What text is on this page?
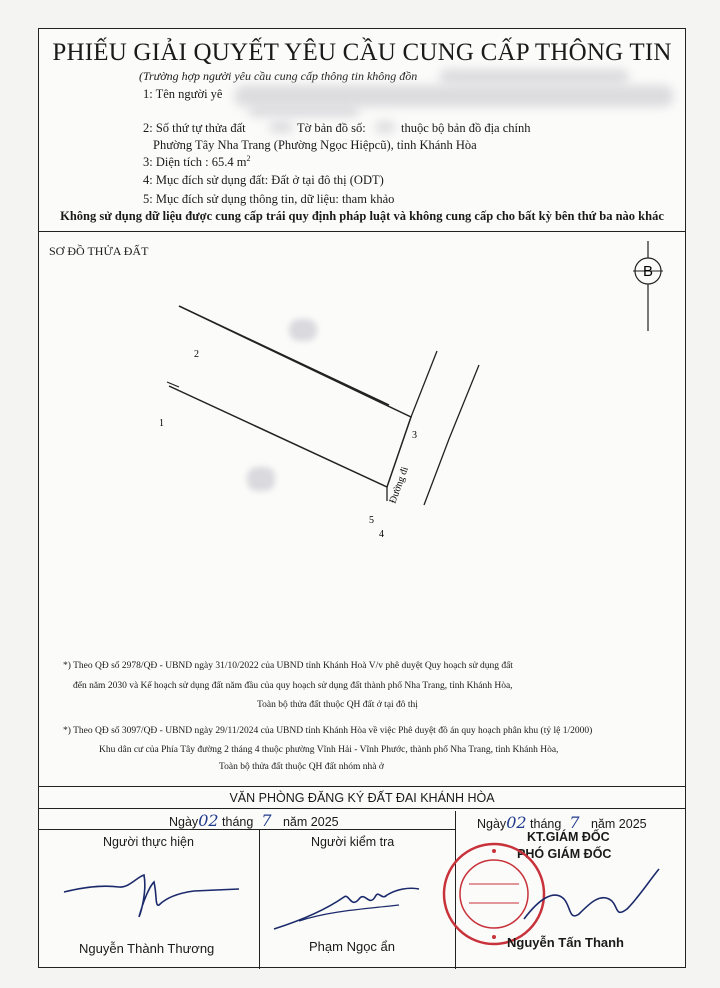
PHIẾU GIẢI QUYẾT YÊU CẦU CUNG CẤP THÔNG TIN
(Trường hợp người yêu cầu cung cấp thông tin không đồn
1: Tên người yê
2: Số thứ tự thửa đất	Tờ bản đồ số:	thuộc bộ bản đồ địa chính
Phường Tây Nha Trang (Phường Ngọc Hiệpcũ), tỉnh Khánh Hòa
3: Diện tích : 65.4 $m^2$
4: Mục đích sử dụng đất: Đất ở tại đô thị (ODT)
5: Mục đích sử dụng thông tin, dữ liệu: tham khảo
Không sử dụng dữ liệu được cung cấp trái quy định pháp luật và không cung cấp cho bất kỳ bên thứ ba nào khác
SƠ ĐỒ THỬA ĐẤT
B
2
1
3
5
4
Đường đi
*) Theo QĐ số 2978/QĐ - UBND ngày 31/10/2022 của UBND tỉnh Khánh Hoà V/v phê duyệt Quy hoạch sử dụng đất
đến năm 2030 và Kế hoạch sử dụng đất năm đầu của quy hoạch sử dụng đất thành phố Nha Trang, tỉnh Khánh Hòa,
Toàn bộ thửa đất thuộc QH đất ở tại đô thị
*) Theo QĐ số 3097/QĐ - UBND ngày 29/11/2024 của UBND tỉnh Khánh Hòa về việc Phê duyệt đồ án quy hoạch phân khu (tỷ lệ 1/2000)
Khu dân cư của Phía Tây đường 2 tháng 4 thuộc phường Vĩnh Hải - Vĩnh Phước, thành phố Nha Trang, tỉnh Khánh Hòa,
Toàn bộ thửa đất thuộc QH đất nhóm nhà ở
VĂN PHÒNG ĐĂNG KÝ ĐẤT ĐAI KHÁNH HÒA
Ngày02 tháng 7 năm 2025	Ngày02 tháng 7 năm 2025
Người thực hiện	Người kiểm tra	KT.GIÁM ĐỐC
PHÓ GIÁM ĐỐC
Nguyễn Thành Thương	Phạm Ngọc ẩn	Nguyễn Tấn Thanh
